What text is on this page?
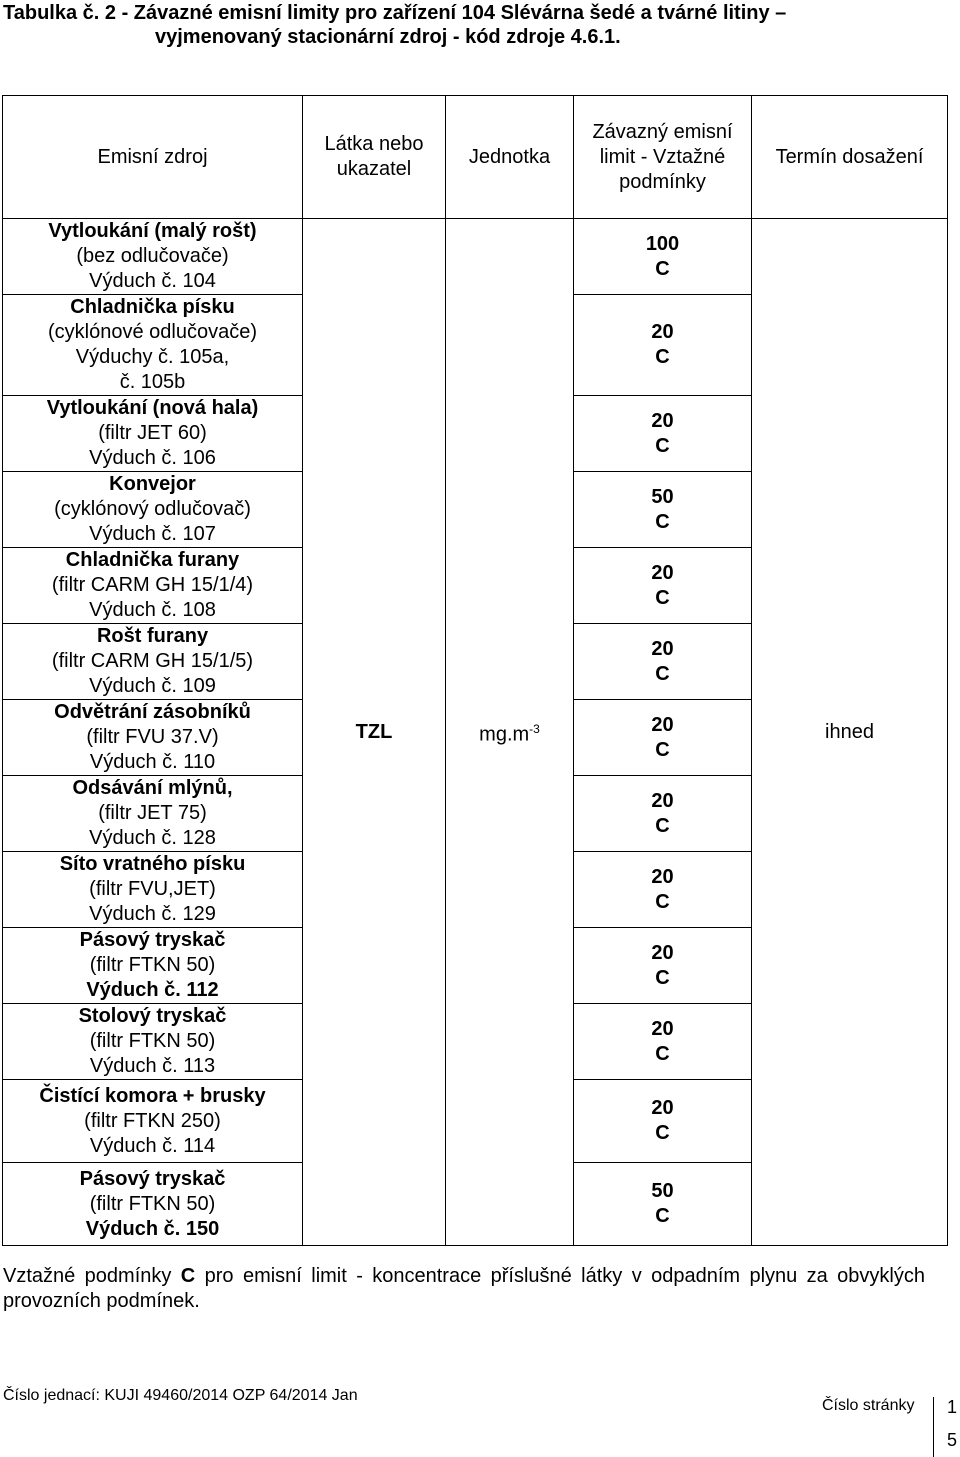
Tabulka č. 2 - Závazné emisní limity pro zařízení 104 Slévárna šedé a tvárné litiny –
vyjmenovaný stacionární zdroj - kód zdroje 4.6.1.
Emisní zdroj	Látka nebo ukazatel	Jednotka	Závazný emisní limit - Vztažné podmínky	Termín dosažení

Vytloukání (malý rošt)
(bez odlučovače)
Výduch č. 104	TZL	$mg.m^{-3}$	100
C	ihned

Chladnička písku
(cyklónové odlučovače)
Výduchy č. 105a,
č. 105b			20
C	

Vytloukání (nová hala)
(filtr JET 60)
Výduch č. 106			20
C	

Konvejor
(cyklónový odlučovač)
Výduch č. 107			50
C	

Chladnička furany
(filtr CARM GH 15/1/4)
Výduch č. 108			20
C	

Rošt furany
(filtr CARM GH 15/1/5)
Výduch č. 109			20
C	

Odvětrání zásobníků
(filtr FVU 37.V)
Výduch č. 110			20
C	

Odsávání mlýnů,
(filtr JET 75)
Výduch č. 128			20
C	

Síto vratného písku
(filtr FVU,JET)
Výduch č. 129			20
C	

Pásový tryskač
(filtr FTKN 50)
Výduch č. 112			20
C	

Stolový tryskač
(filtr FTKN 50)
Výduch č. 113			20
C	

Čistící komora + brusky
(filtr FTKN 250)
Výduch č. 114			20
C	

Pásový tryskač
(filtr FTKN 50)
Výduch č. 150			50
C	
Vztažné podmínky C pro emisní limit - koncentrace příslušné látky v odpadním plynu za obvyklých provozních podmínek.
Číslo jednací: KUJI 49460/2014 OZP 64/2014 Jan
Číslo stránky 1
5
